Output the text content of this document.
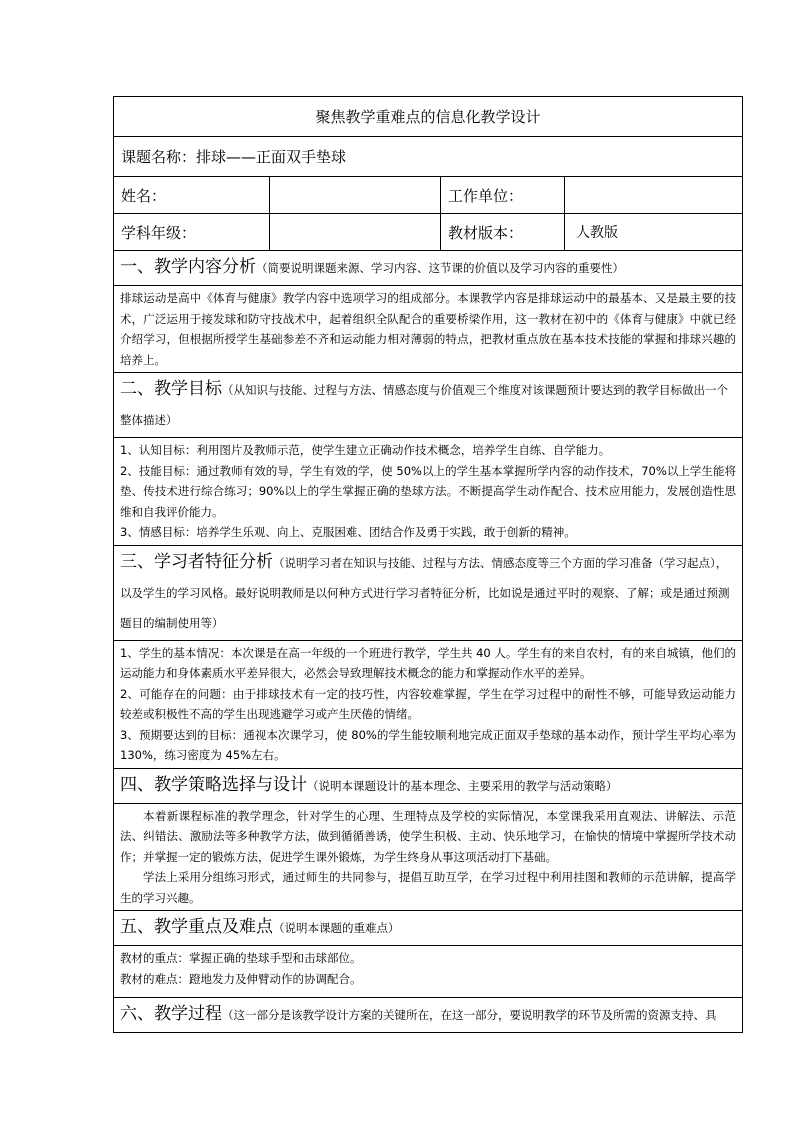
聚焦教学重难点的信息化教学设计			
课题名称：排球——正面双手垫球			
姓名：		工作单位：	
学科年级：		教材版本：	人教版
一、教学内容分析（简要说明课题来源、学习内容、这节课的价值以及学习内容的重要性）			

排球运动是高中《体育与健康》教学内容中选项学习的组成部分。本课教学内容是排球运动中的最基本、又是最主要的技术，广泛运用于接发球和防守技战术中，起着组织全队配合的重要桥梁作用，这一教材在初中的《体育与健康》中就已经介绍学习，但根据所授学生基础参差不齐和运动能力相对薄弱的特点，把教材重点放在基本技术技能的掌握和排球兴趣的培养上。			

二、教学目标（从知识与技能、过程与方法、情感态度与价值观三个维度对该课题预计要达到的教学目标做出一个整体描述）			

1、认知目标：利用图片及教师示范，使学生建立正确动作技术概念，培养学生自练、自学能力。

2、技能目标：通过教师有效的导，学生有效的学，使 50%以上的学生基本掌握所学内容的动作技术，70%以上学生能将垫、传技术进行综合练习；90%以上的学生掌握正确的垫球方法。不断提高学生动作配合、技术应用能力，发展创造性思维和自我评价能力。

3、情感目标：培养学生乐观、向上、克服困难、团结合作及勇于实践，敢于创新的精神。			

三、学习者特征分析（说明学习者在知识与技能、过程与方法、情感态度等三个方面的学习准备（学习起点），以及学生的学习风格。最好说明教师是以何种方式进行学习者特征分析，比如说是通过平时的观察、了解；或是通过预测题目的编制使用等）			

1、学生的基本情况：本次课是在高一年级的一个班进行教学，学生共 40 人。学生有的来自农村，有的来自城镇，他们的运动能力和身体素质水平差异很大，必然会导致理解技术概念的能力和掌握动作水平的差异。

2、可能存在的问题：由于排球技术有一定的技巧性，内容较难掌握，学生在学习过程中的耐性不够，可能导致运动能力较差或积极性不高的学生出现逃避学习或产生厌倦的情绪。

3、预期要达到的目标：通视本次课学习，使 80%的学生能较顺利地完成正面双手垫球的基本动作，预计学生平均心率为 130%，练习密度为 45%左右。			

四、教学策略选择与设计（说明本课题设计的基本理念、主要采用的教学与活动策略）			

本着新课程标准的教学理念，针对学生的心理、生理特点及学校的实际情况，本堂课我采用直观法、讲解法、示范法、纠错法、激励法等多种教学方法，做到循循善诱，使学生积极、主动、快乐地学习，在愉快的情境中掌握所学技术动作；并掌握一定的锻炼方法，促进学生课外锻炼，为学生终身从事这项活动打下基础。

学法上采用分组练习形式，通过师生的共同参与，提倡互助互学，在学习过程中利用挂图和教师的示范讲解，提高学生的学习兴趣。			

五、教学重点及难点（说明本课题的重难点）			

教材的重点：掌握正确的垫球手型和击球部位。

教材的难点：蹬地发力及伸臂动作的协调配合。			

六、教学过程（这一部分是该教学设计方案的关键所在，在这一部分，要说明教学的环节及所需的资源支持、具			
